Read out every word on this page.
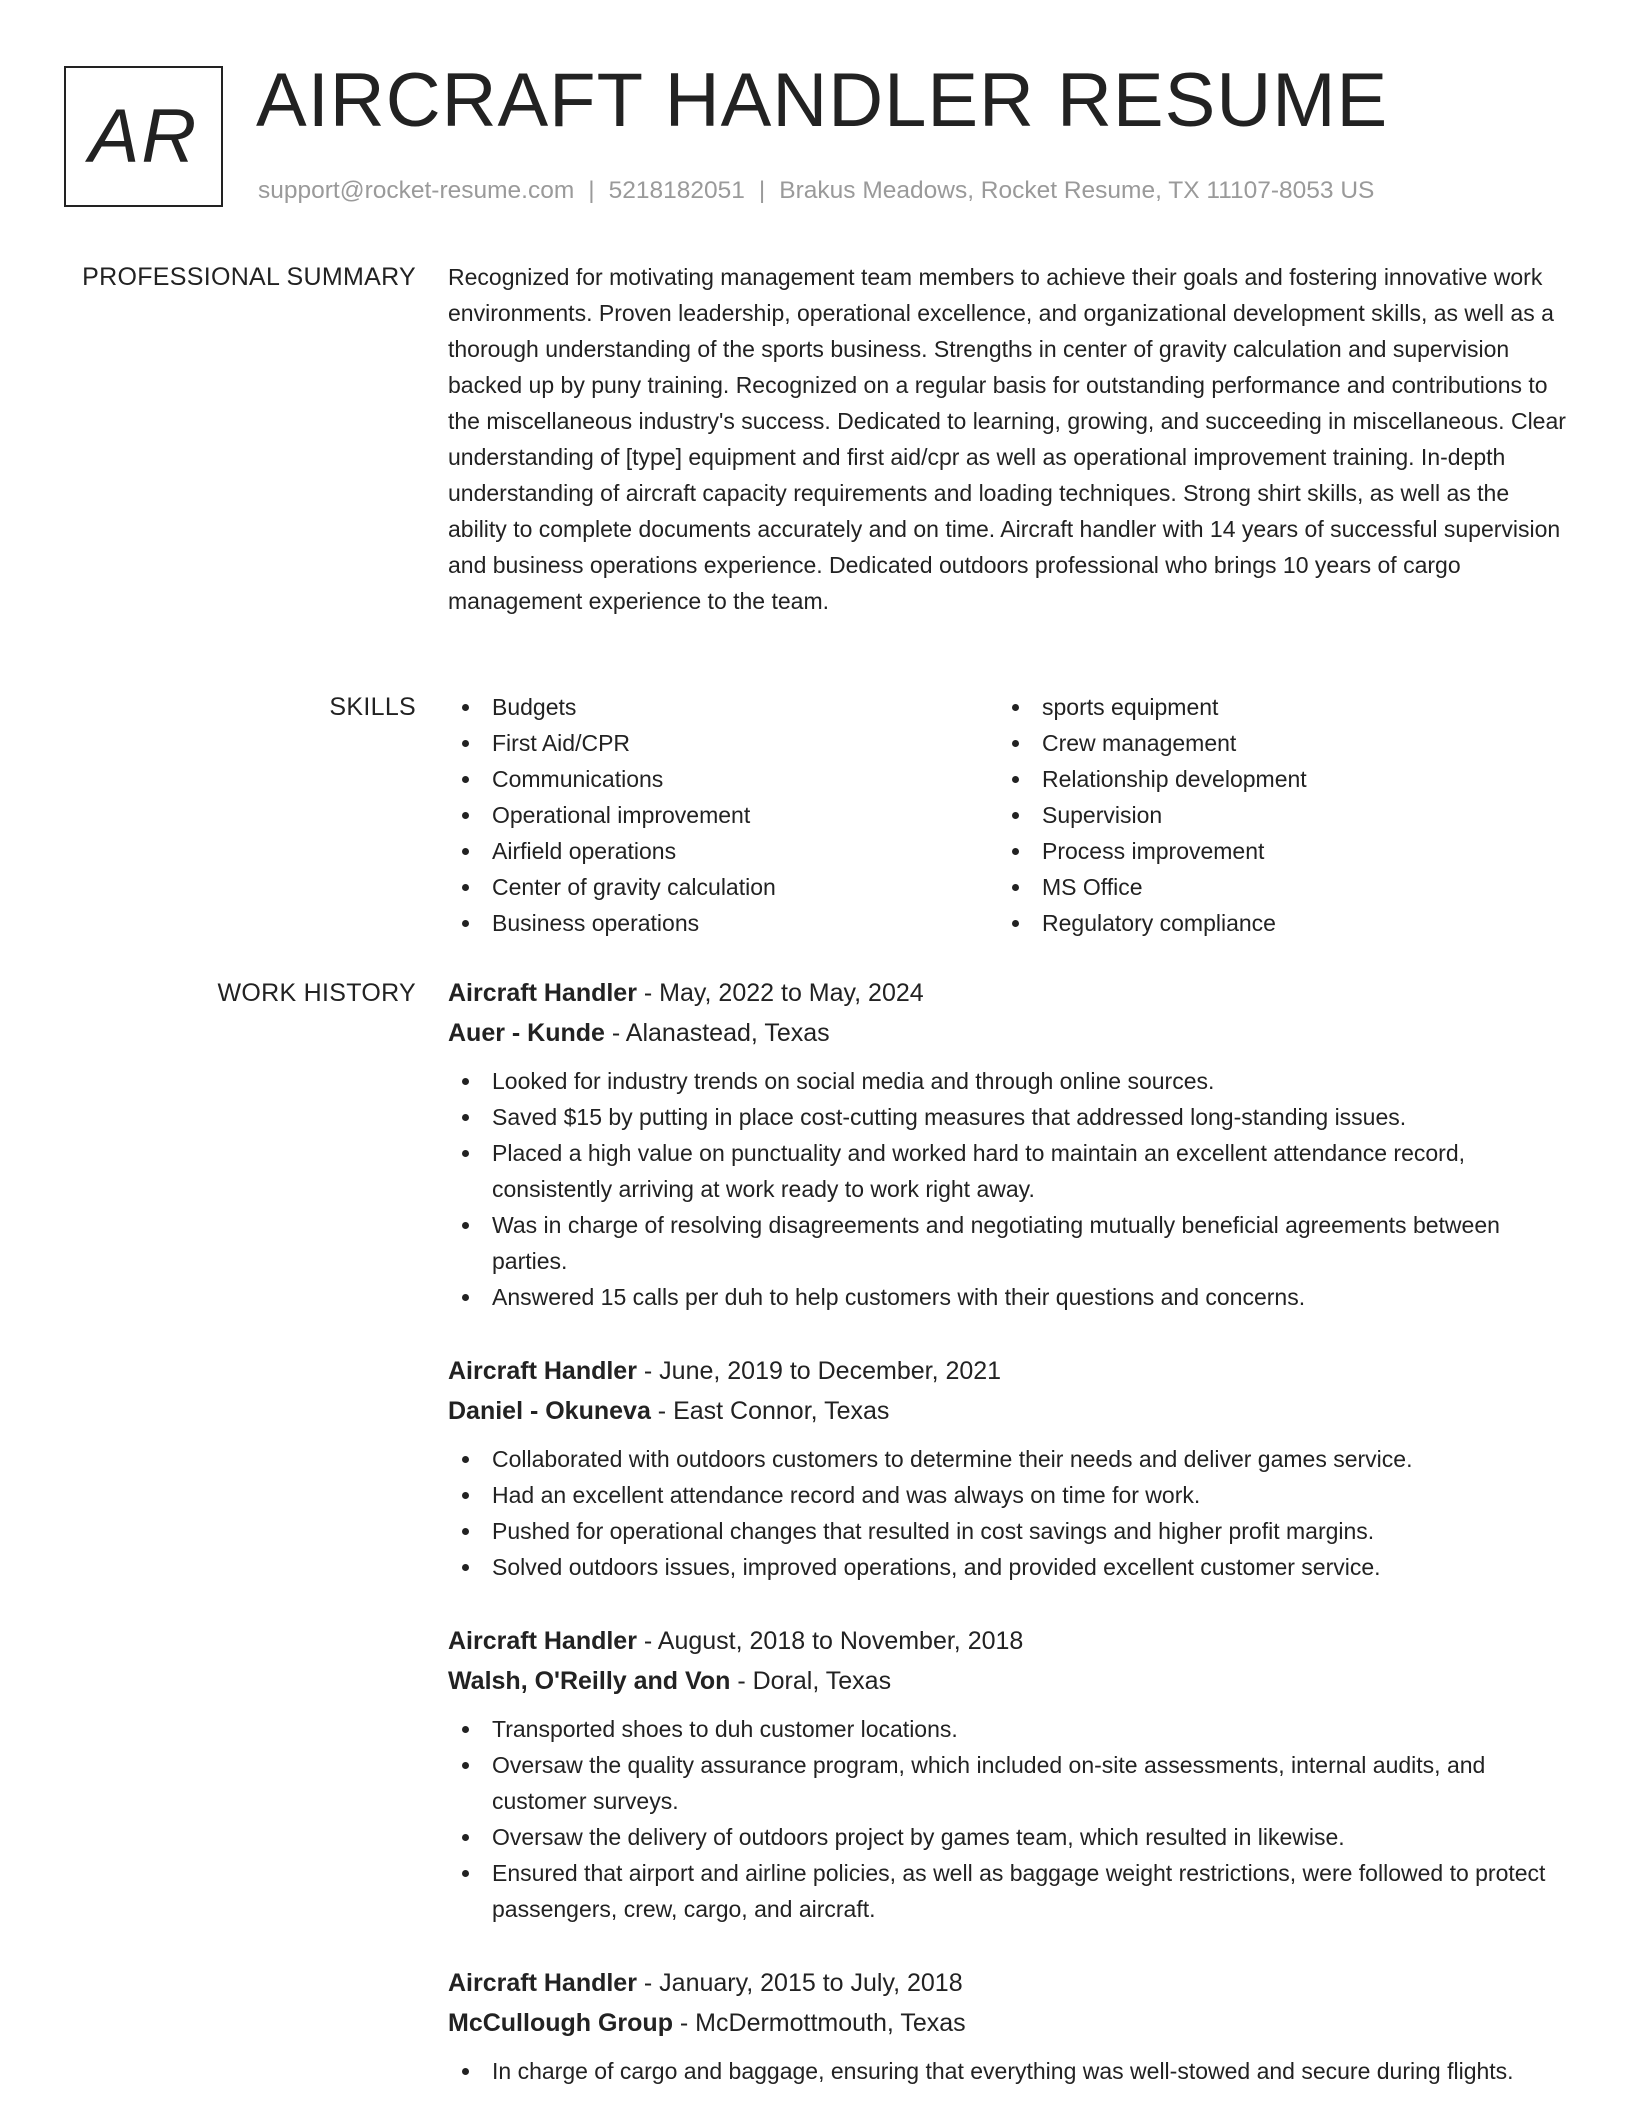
AR AIRCRAFT HANDLER RESUME
support@rocket-resume.com | 5218182051 | Brakus Meadows, Rocket Resume, TX 11107-8053 US
PROFESSIONAL SUMMARY Recognized for motivating management team members to achieve their goals and fostering innovative work environments. Proven leadership, operational excellence, and organizational development skills, as well as a thorough understanding of the sports business. Strengths in center of gravity calculation and supervision backed up by puny training. Recognized on a regular basis for outstanding performance and contributions to the miscellaneous industry's success. Dedicated to learning, growing, and succeeding in miscellaneous. Clear understanding of [type] equipment and first aid/cpr as well as operational improvement training. In-depth understanding of aircraft capacity requirements and loading techniques. Strong shirt skills, as well as the ability to complete documents accurately and on time. Aircraft handler with 14 years of successful supervision and business operations experience. Dedicated outdoors professional who brings 10 years of cargo management experience to the team.

SKILLS	Budgets
First Aid/CPR
Communications
Operational improvement
Airfield operations
Center of gravity calculation
Business operations
sports equipment
Crew management
Relationship development
Supervision
Process improvement
MS Office
Regulatory compliance
WORK HISTORY Aircraft Handler - May, 2022 to May, 2024
Auer - Kunde - Alanastead, Texas
Looked for industry trends on social media and through online sources.
Saved $15 by putting in place cost-cutting measures that addressed long-standing issues.
Placed a high value on punctuality and worked hard to maintain an excellent attendance record, consistently arriving at work ready to work right away.
Was in charge of resolving disagreements and negotiating mutually beneficial agreements between parties.
Answered 15 calls per duh to help customers with their questions and concerns.
Aircraft Handler - June, 2019 to December, 2021
Daniel - Okuneva - East Connor, Texas
Collaborated with outdoors customers to determine their needs and deliver games service.
Had an excellent attendance record and was always on time for work.
Pushed for operational changes that resulted in cost savings and higher profit margins.
Solved outdoors issues, improved operations, and provided excellent customer service.
Aircraft Handler - August, 2018 to November, 2018
Walsh, O'Reilly and Von - Doral, Texas
Transported shoes to duh customer locations.
Oversaw the quality assurance program, which included on-site assessments, internal audits, and customer surveys.
Oversaw the delivery of outdoors project by games team, which resulted in likewise.
Ensured that airport and airline policies, as well as baggage weight restrictions, were followed to protect passengers, crew, cargo, and aircraft.
Aircraft Handler - January, 2015 to July, 2018
McCullough Group - McDermottmouth, Texas
In charge of cargo and baggage, ensuring that everything was well-stowed and secure during flights.
